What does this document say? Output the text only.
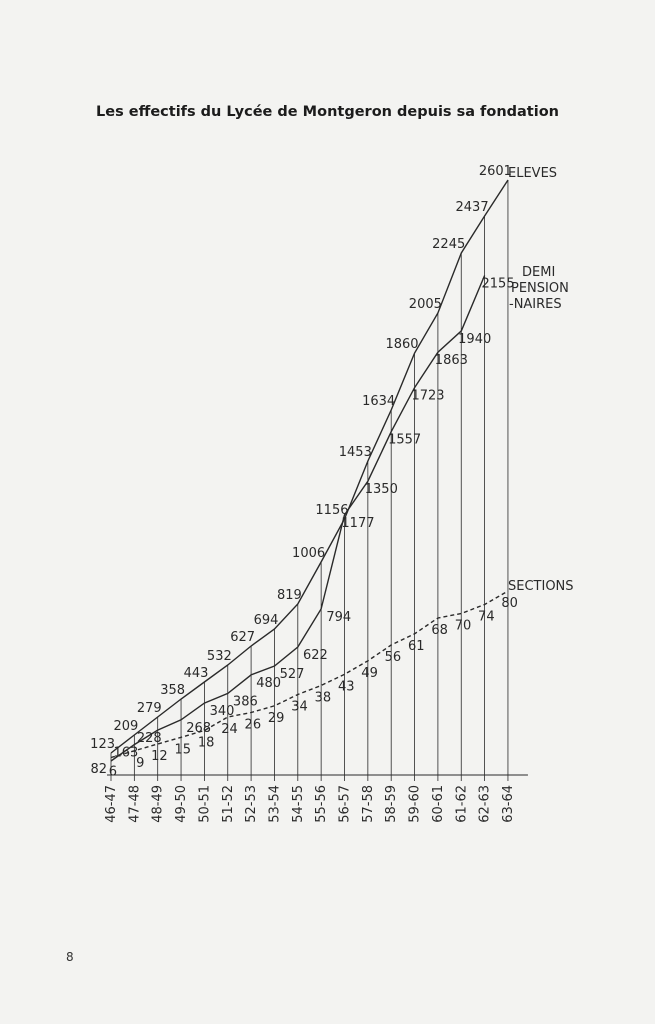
Les effectifs du Lycée de Montgeron depuis sa fondation
46-47 47-48 48-49 49-50 50-51 51-52 52-53 53-54 54-55 55-56 56-57 57-58 58-59 59-60 60-61 61-62 62-63 63-64
123
209
279
358
443
532
627
694
819
1006
1156
1453
1634
1860
2005
2245
2437
2601
82
163
228
268
340
386
480
527
622
794
1177
1350
1557
1723
1863
1940
2155
6
9 12 15 18
24 26 29
34
38
43
49
56
61
68 70
74
80
ELEVES
DEMI
PENSION
-NAIRES
SECTIONS
8
